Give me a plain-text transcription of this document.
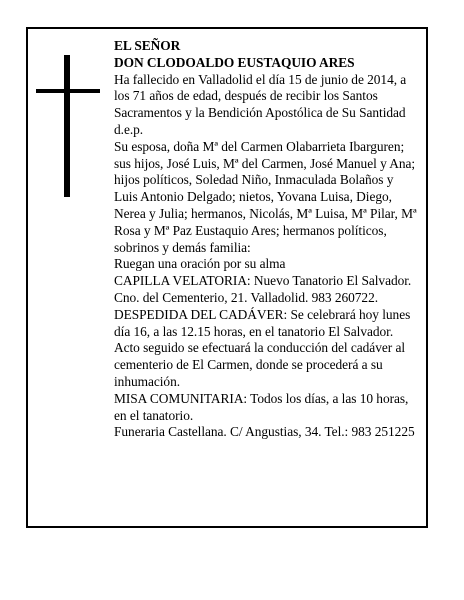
EL SEÑOR

DON CLODOALDO EUSTAQUIO ARES

Ha fallecido en Valladolid el día 15 de junio de 2014, a los 71 años de edad, después de recibir los Santos Sacramentos y la Bendición Apostólica de Su Santidad d.e.p.

Su esposa, doña Mª del Carmen Olabarrieta Ibarguren; sus hijos, José Luis, Mª del Carmen, José Manuel y Ana; hijos políticos, Soledad Niño, Inmaculada Bolaños y Luis Antonio Delgado; nietos, Yovana Luisa, Diego, Nerea y Julia; hermanos, Nicolás, Mª Luisa, Mª Pilar, Mª Rosa y Mª Paz Eustaquio Ares; hermanos políticos, sobrinos y demás familia:

Ruegan una oración por su alma

CAPILLA VELATORIA: Nuevo Tanatorio El Salvador. Cno. del Cementerio, 21. Valladolid. 983 260722.

DESPEDIDA DEL CADÁVER: Se celebrará hoy lunes día 16, a las 12.15 horas, en el tanatorio El Salvador. Acto seguido se efectuará la conducción del cadáver al cementerio de El Carmen, donde se procederá a su inhumación.

MISA COMUNITARIA: Todos los días, a las 10 horas, en el tanatorio.

Funeraria Castellana. C/ Angustias, 34. Tel.: 983 251225
